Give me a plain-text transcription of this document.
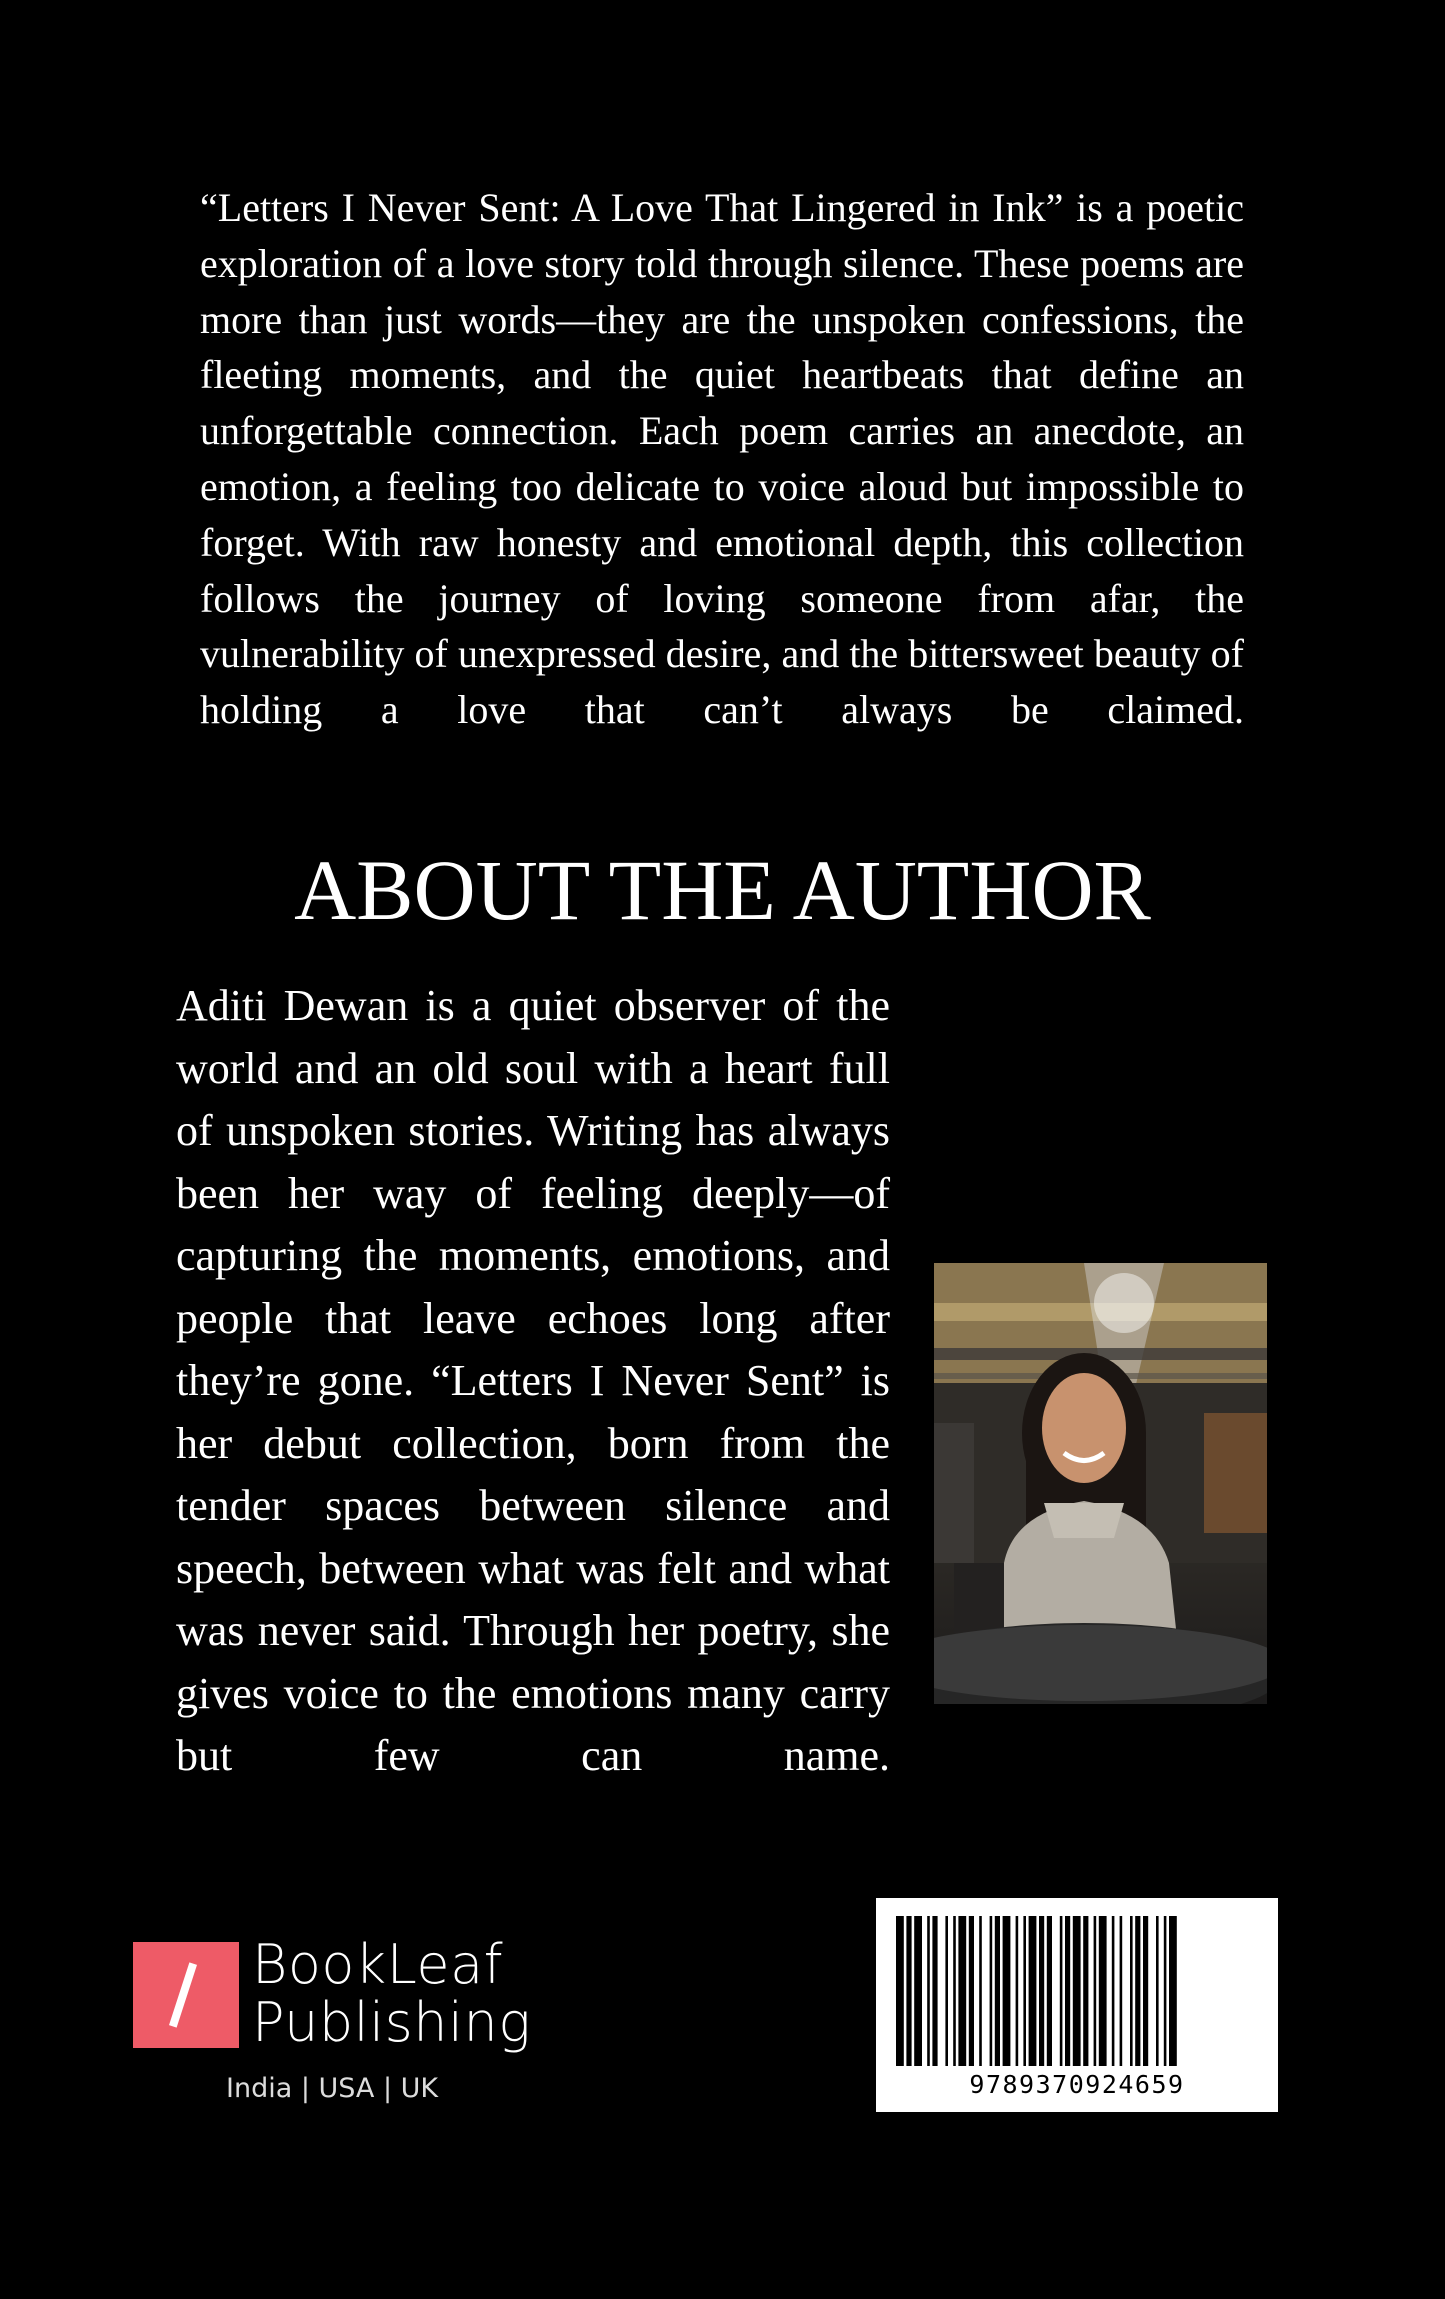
“Letters I Never Sent: A Love That Lingered in Ink” is a poetic exploration of a love story told through silence. These poems are more than just words—they are the unspoken confessions, the fleeting moments, and the quiet heartbeats that define an unforgettable connection. Each poem carries an anecdote, an emotion, a feeling too delicate to voice aloud but impossible to forget. With raw honesty and emotional depth, this collection follows the journey of loving someone from afar, the vulnerability of unexpressed desire, and the bittersweet beauty of holding a love that can’t always be claimed.

ABOUT THE AUTHOR

Aditi Dewan is a quiet observer of the world and an old soul with a heart full of unspoken stories. Writing has always been her way of feeling deeply—of capturing the moments, emotions, and people that leave echoes long after they’re gone. “Letters I Never Sent” is her debut collection, born from the tender spaces between silence and speech, between what was felt and what was never said. Through her poetry, she gives voice to the emotions many carry but few can name.

BookLeaf
Publishing
India | USA | UK	9789370924659
